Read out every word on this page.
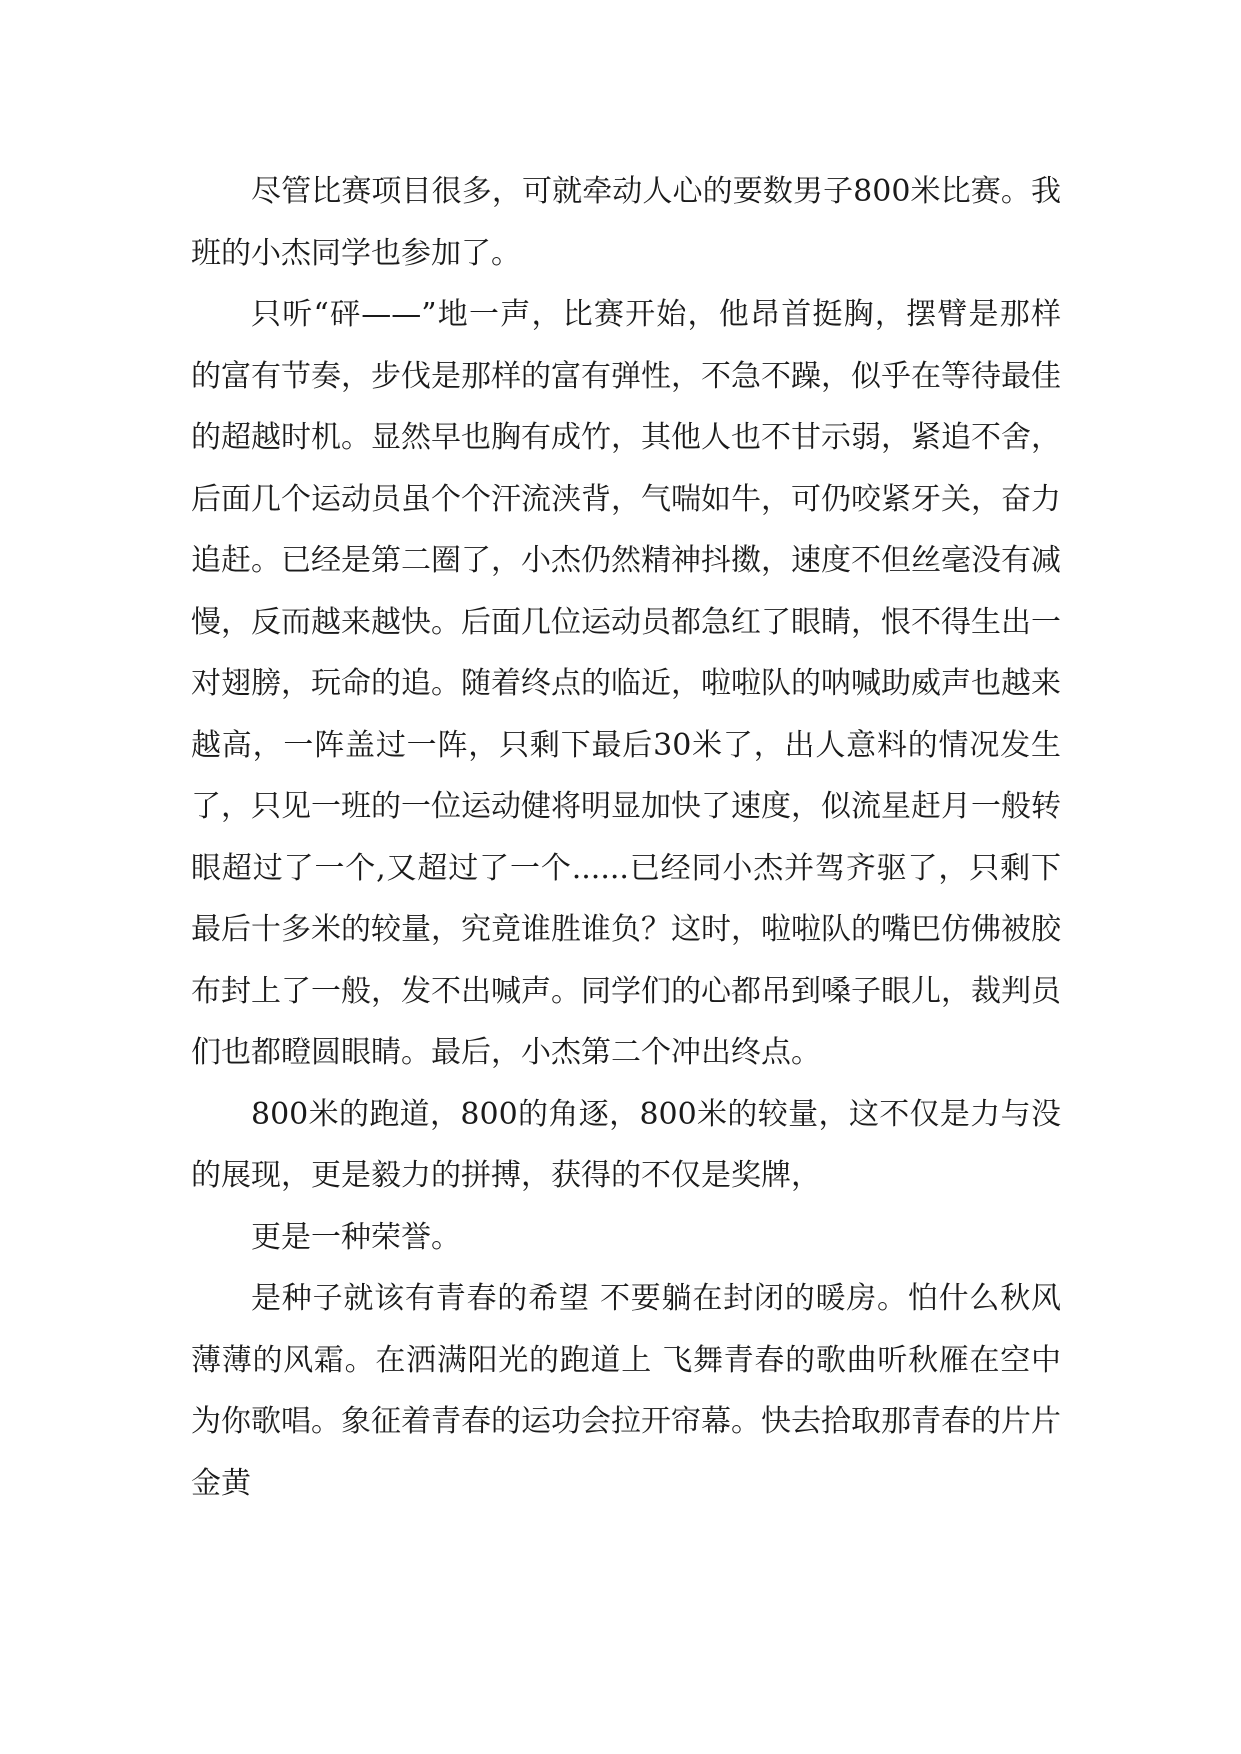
尽管比赛项目很多，可就牵动人心的要数男子800米比赛。我班的小杰同学也参加了。

只听“砰——”地一声，比赛开始，他昂首挺胸，摆臂是那样的富有节奏，步伐是那样的富有弹性，不急不躁，似乎在等待最佳的超越时机。显然早也胸有成竹，其他人也不甘示弱，紧追不舍，后面几个运动员虽个个汗流浃背，气喘如牛，可仍咬紧牙关，奋力追赶。已经是第二圈了，小杰仍然精神抖擞，速度不但丝毫没有减慢，反而越来越快。后面几位运动员都急红了眼睛，恨不得生出一对翅膀，玩命的追。随着终点的临近，啦啦队的呐喊助威声也越来越高，一阵盖过一阵，只剩下最后30米了，出人意料的情况发生了，只见一班的一位运动健将明显加快了速度，似流星赶月一般转眼超过了一个,又超过了一个......已经同小杰并驾齐驱了，只剩下最后十多米的较量，究竟谁胜谁负？这时，啦啦队的嘴巴仿佛被胶布封上了一般，发不出喊声。同学们的心都吊到嗓子眼儿，裁判员们也都瞪圆眼睛。最后，小杰第二个冲出终点。

800米的跑道，800的角逐，800米的较量，这不仅是力与没的展现，更是毅力的拼搏，获得的不仅是奖牌，

更是一种荣誉。

是种子就该有青春的希望 不要躺在封闭的暖房。怕什么秋风薄薄的风霜。在洒满阳光的跑道上 飞舞青春的歌曲听秋雁在空中为你歌唱。象征着青春的运功会拉开帘幕。快去拾取那青春的片片金黄
